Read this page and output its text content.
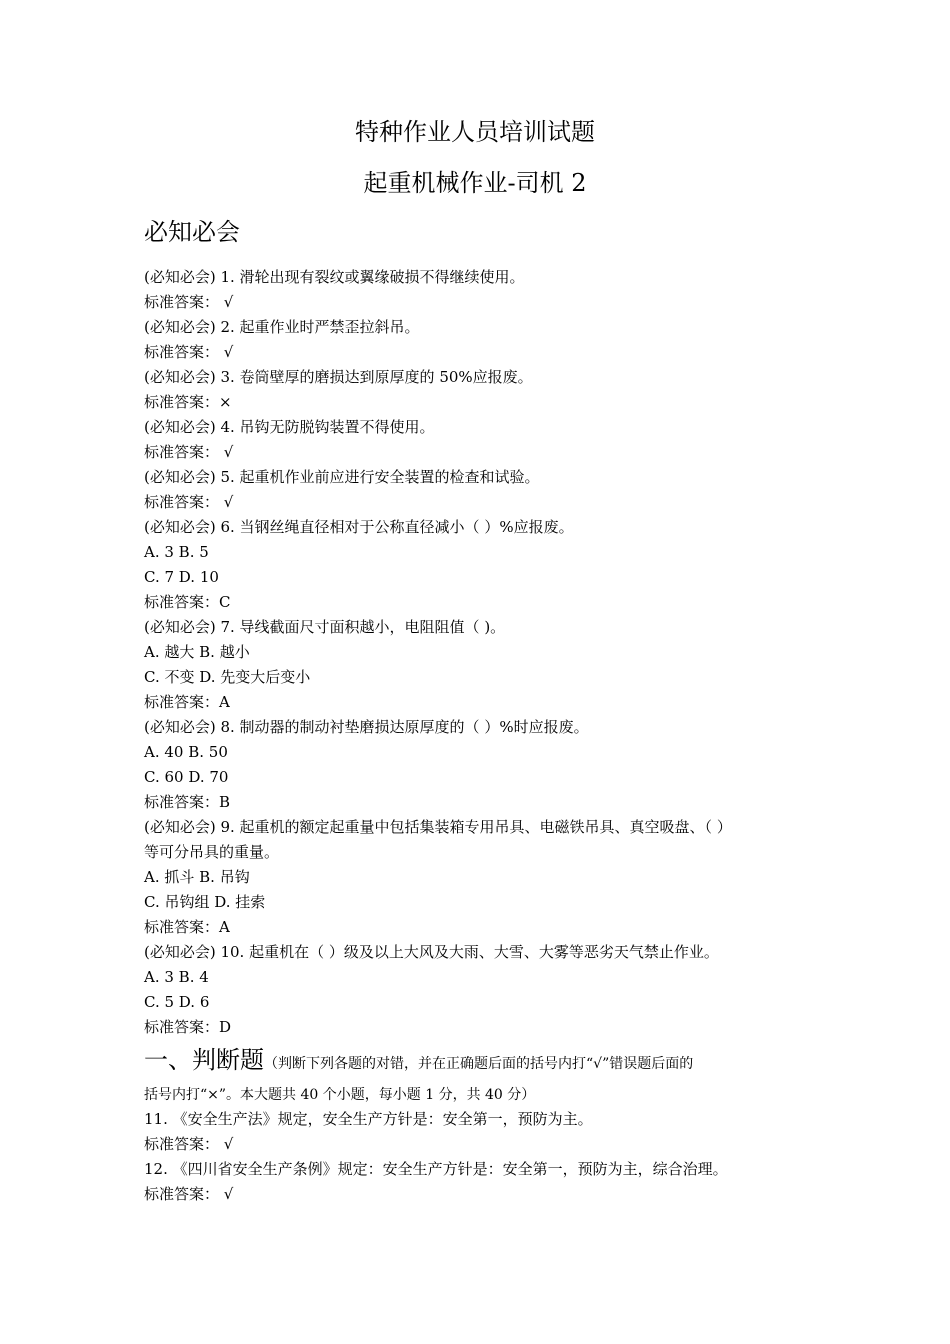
特种作业人员培训试题
起重机械作业-司机 2
必知必会
(必知必会) 1. 滑轮出现有裂纹或翼缘破损不得继续使用。
标准答案： √
(必知必会) 2. 起重作业时严禁歪拉斜吊。
标准答案： √
(必知必会) 3. 卷筒壁厚的磨损达到原厚度的 50%应报废。
标准答案：×
(必知必会) 4. 吊钩无防脱钩装置不得使用。
标准答案： √
(必知必会) 5. 起重机作业前应进行安全装置的检查和试验。
标准答案： √
(必知必会) 6. 当钢丝绳直径相对于公称直径减小（ ）%应报废。
A. 3 B. 5
C. 7 D. 10
标准答案：C
(必知必会) 7. 导线截面尺寸面积越小，电阻阻值（ )。
A. 越大 B. 越小
C. 不变 D. 先变大后变小
标准答案：A
(必知必会) 8. 制动器的制动衬垫磨损达原厚度的（ ）%时应报废。
A. 40 B. 50
C. 60 D. 70
标准答案：B
(必知必会) 9. 起重机的额定起重量中包括集装箱专用吊具、电磁铁吊具、真空吸盘、（ ）
等可分吊具的重量。
A. 抓斗 B. 吊钩
C. 吊钩组 D. 挂索
标准答案：A
(必知必会) 10. 起重机在（ ）级及以上大风及大雨、大雪、大雾等恶劣天气禁止作业。
A. 3 B. 4
C. 5 D. 6
标准答案：D
一、判断题（判断下列各题的对错，并在正确题后面的括号内打“√”错误题后面的
括号内打“×”。本大题共 40 个小题，每小题 1 分，共 40 分）
11. 《安全生产法》规定，安全生产方针是：安全第一，预防为主。
标准答案： √
12. 《四川省安全生产条例》规定：安全生产方针是：安全第一，预防为主，综合治理。
标准答案： √
